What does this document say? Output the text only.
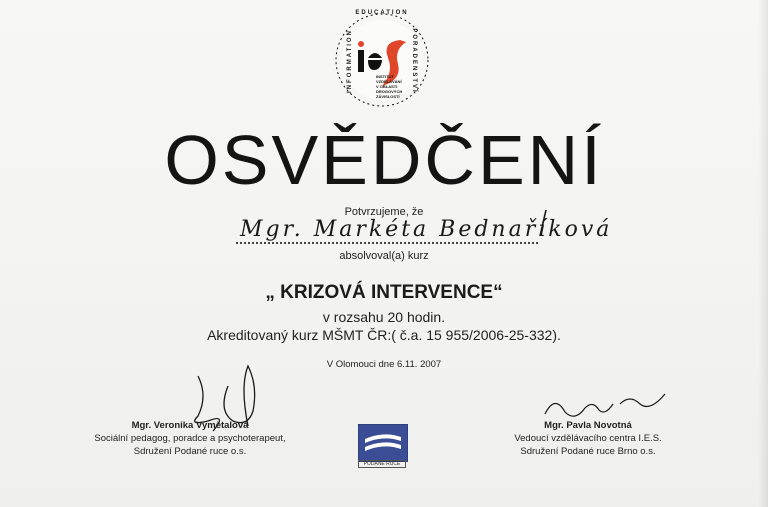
EDUCATION
INFORMATION	PORADENSTVÍ
INSTITUT
VZDĚLÁVÁNÍ
V OBLASTI
DROGOVÝCH
ZÁVISLOSTÍ
OSVĚDČENÍ
Potvrzujeme, že
Mgr. Markéta Bednaříková
absolvoval(a) kurz
„ KRIZOVÁ INTERVENCE“
v rozsahu 20 hodin.
Akreditovaný kurz MŠMT ČR:( č.a. 15 955/2006-25-332).
V Olomouci dne 6.11. 2007
Mgr. Veronika Vymětalová
Sociální pedagog, poradce a psychoterapeut,
Sdružení Podané ruce o.s.
PODANÉ RUCE
Mgr. Pavla Novotná
Vedoucí vzdělávacího centra I.E.S.
Sdružení Podané ruce Brno o.s.
